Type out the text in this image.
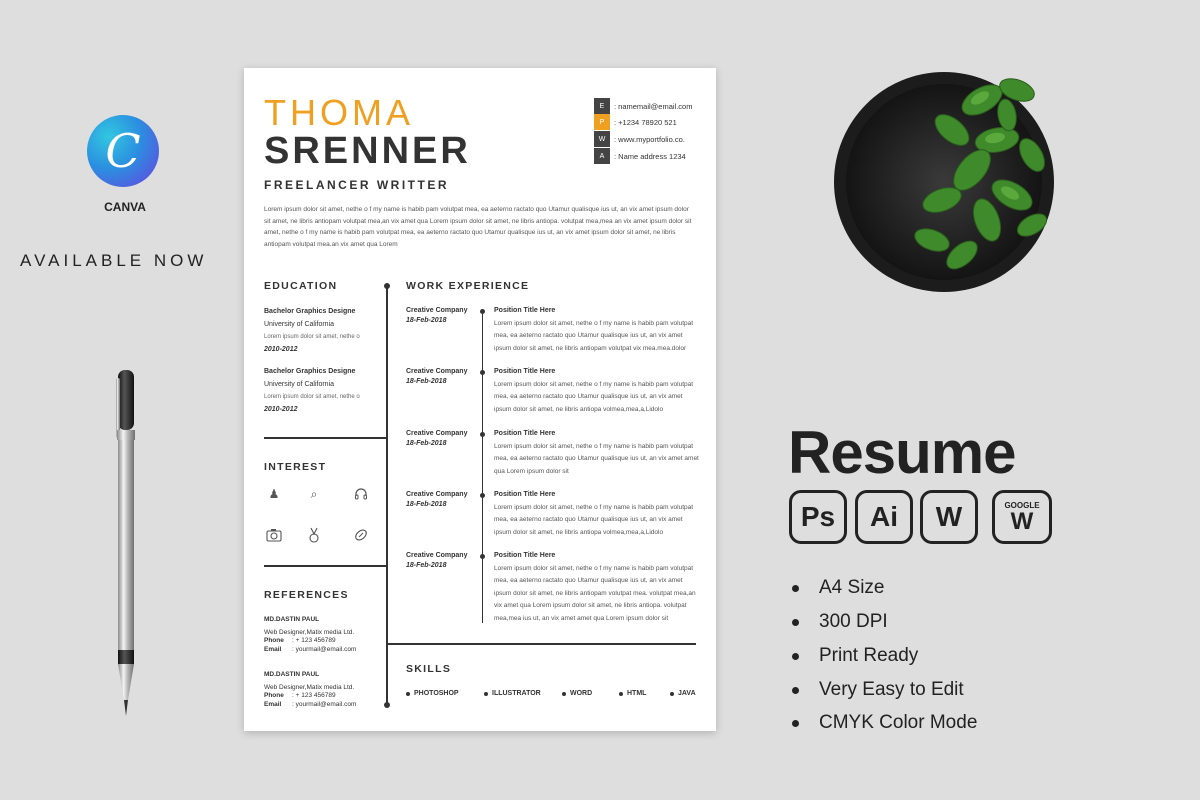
C
CANVA
AVAILABLE NOW
THOMA
SRENNER
FREELANCER WRITTER
E	: namemail@email.com
P	: +1234 78920 521
W	: www.myportfolio.co.
A	: Name address 1234
Lorem ipsum dolor sit amet, nethe o f my name is habib pam volutpat mea, ea aeterno ractato quo Utamur qualisque ius ut, an vix amet ipsum dolor sit amet, ne libris antiopam volutpat mea,an vix amet qua Lorem ipsum dolor sit amet, ne libris antiopa. volutpat mea,mea an vix amet ipsum dolor sit amet, nethe o f my name is habib pam volutpat mea, ea aeterno ractato quo Utamur qualisque ius ut, an vix amet ipsum dolor sit amet, ne libris antiopam volutpat mea.an vix amet qua Lorem
EDUCATION
Bachelor Graphics Designe
University of California
Lorem ipsum dolor sit amet, nethe o
2010-2012
Bachelor Graphics Designe
University of California
Lorem ipsum dolor sit amet, nethe o
2010-2012
INTEREST
♟	⌕
REFERENCES
MD.DASTIN PAUL
Web Designer,Matix media Ltd.
Phone : + 123 456789
Email : yourmail@email.com
MD.DASTIN PAUL
Web Designer,Matix media Ltd.
Phone : + 123 456789
Email : yourmail@email.com
WORK EXPERIENCE
Creative Company
18-Feb-2018
Position Title Here
Lorem ipsum dolor sit amet, nethe o f my name is habib pam volutpat mea, ea aeterno ractato quo Utamur qualisque ius ut, an vix amet ipsum dolor sit amet, ne libris antiopam volutpat vix mea.mea.dolor
Creative Company
18-Feb-2018
Position Title Here
Lorem ipsum dolor sit amet, nethe o f my name is habib pam volutpat mea, ea aeterno ractato quo Utamur qualisque ius ut, an vix amet ipsum dolor sit amet, ne libris antiopa volmea,mea,a,Lidolo
Creative Company
18-Feb-2018
Position Title Here
Lorem ipsum dolor sit amet, nethe o f my name is habib pam volutpat mea, ea aeterno ractato quo Utamur qualisque ius ut, an vix amet amet qua Lorem ipsum dolor sit
Creative Company
18-Feb-2018
Position Title Here
Lorem ipsum dolor sit amet, nethe o f my name is habib pam volutpat mea, ea aeterno ractato quo Utamur qualisque ius ut, an vix amet ipsum dolor sit amet, ne libris antiopa volmea,mea,a,Lidolo
Creative Company
18-Feb-2018
Position Title Here
Lorem ipsum dolor sit amet, nethe o f my name is habib pam volutpat mea, ea aeterno ractato quo Utamur qualisque ius ut, an vix amet ipsum dolor sit amet, ne libris antiopam volutpat mea. volutpat mea,an vix amet qua Lorem ipsum dolor sit amet, ne libris antiopa. volutpat mea,mea ius ut, an vix amet amet qua Lorem ipsum dolor sit
SKILLS
PHOTOSHOP	ILLUSTRATOR	WORD	HTML	JAVA
Resume
Ps Ai W	GOOGLE
W
A4 Size
300 DPI
Print Ready
Very Easy to Edit
CMYK Color Mode
